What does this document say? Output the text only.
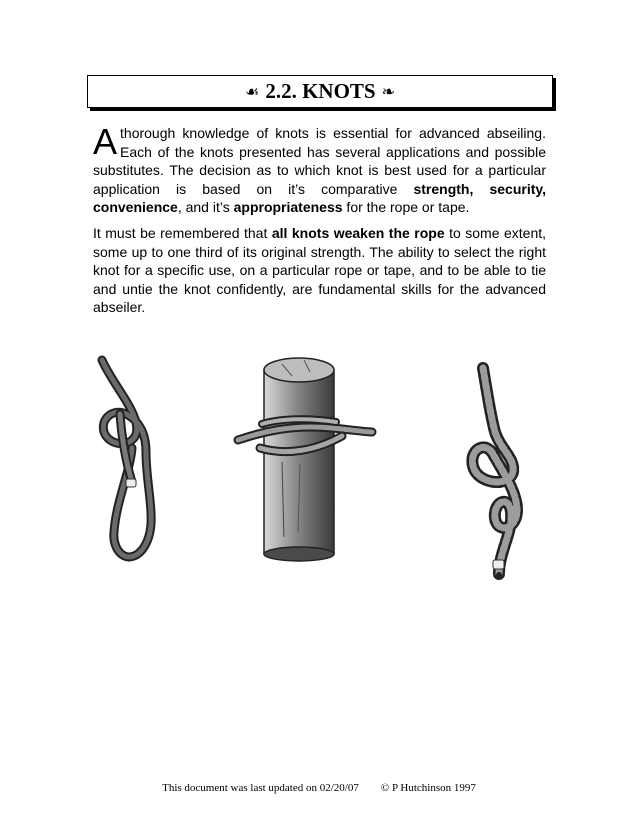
☙ 2.2. KNOTS ❧
Athorough knowledge of knots is essential for advanced abseiling. Each of the knots presented has several applications and possible substitutes. The decision as to which knot is best used for a particular application is based on it’s comparative strength, security, convenience, and it’s appropriateness for the rope or tape.
It must be remembered that all knots weaken the rope to some extent, some up to one third of its original strength. The ability to select the right knot for a specific use, on a particular rope or tape, and to be able to tie and untie the knot confidently, are fundamental skills for the advanced abseiler.
This document was last updated on 02/20/07 © P Hutchinson 1997
